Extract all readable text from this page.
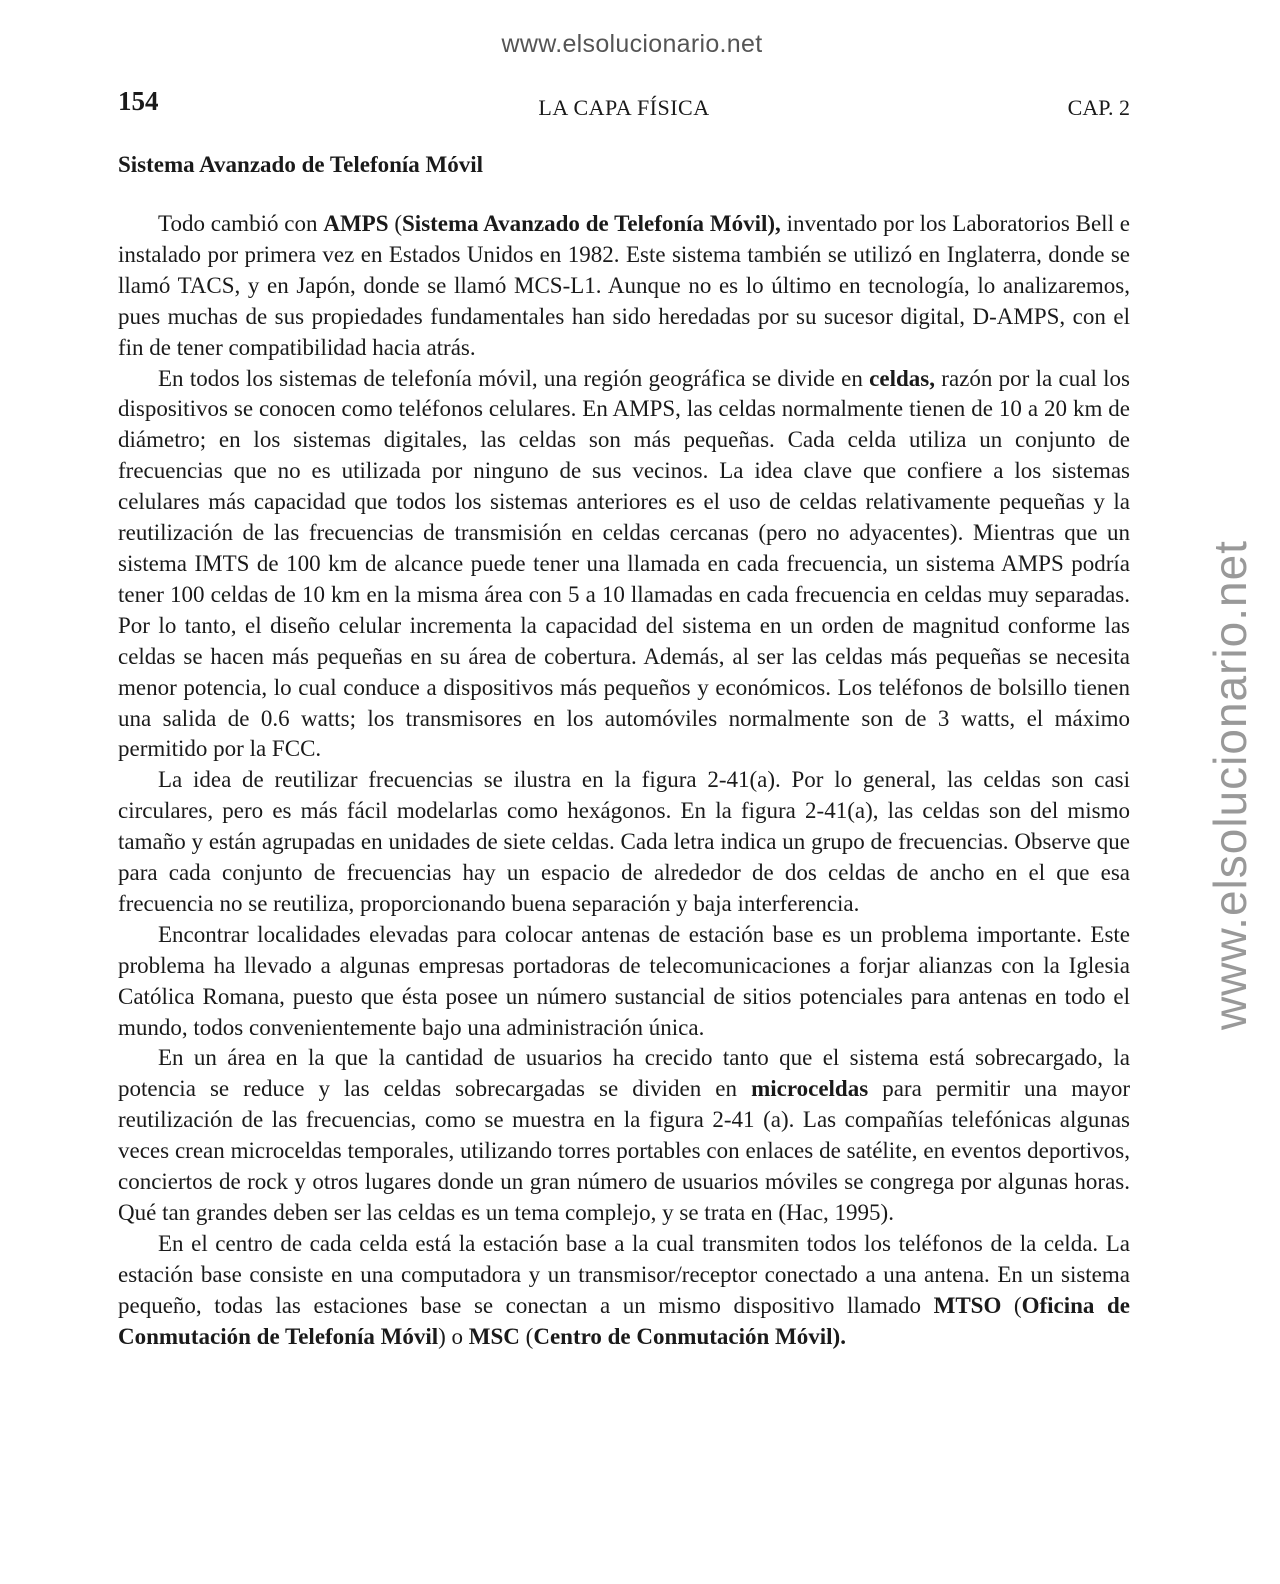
www.elsolucionario.net
www.elsolucionario.net
154	LA CAPA FÍSICA	CAP. 2
Sistema Avanzado de Telefonía Móvil

Todo cambió con AMPS (Sistema Avanzado de Telefonía Móvil), inventado por los Laboratorios Bell e instalado por primera vez en Estados Unidos en 1982. Este sistema también se utilizó en Inglaterra, donde se llamó TACS, y en Japón, donde se llamó MCS-L1. Aunque no es lo último en tecnología, lo analizaremos, pues muchas de sus propiedades fundamentales han sido heredadas por su sucesor digital, D-AMPS, con el fin de tener compatibilidad hacia atrás.

En todos los sistemas de telefonía móvil, una región geográfica se divide en celdas, razón por la cual los dispositivos se conocen como teléfonos celulares. En AMPS, las celdas normalmente tienen de 10 a 20 km de diámetro; en los sistemas digitales, las celdas son más pequeñas. Cada celda utiliza un conjunto de frecuencias que no es utilizada por ninguno de sus vecinos. La idea clave que confiere a los sistemas celulares más capacidad que todos los sistemas anteriores es el uso de celdas relativamente pequeñas y la reutilización de las frecuencias de transmisión en celdas cercanas (pero no adyacentes). Mientras que un sistema IMTS de 100 km de alcance puede tener una llamada en cada frecuencia, un sistema AMPS podría tener 100 celdas de 10 km en la misma área con 5 a 10 llamadas en cada frecuencia en celdas muy separadas. Por lo tanto, el diseño celular incrementa la capacidad del sistema en un orden de magnitud conforme las celdas se hacen más pequeñas en su área de cobertura. Además, al ser las celdas más pequeñas se necesita menor potencia, lo cual conduce a dispositivos más pequeños y económicos. Los teléfonos de bolsillo tienen una salida de 0.6 watts; los transmisores en los automóviles normalmente son de 3 watts, el máximo permitido por la FCC.

La idea de reutilizar frecuencias se ilustra en la figura 2-41(a). Por lo general, las celdas son casi circulares, pero es más fácil modelarlas como hexágonos. En la figura 2-41(a), las celdas son del mismo tamaño y están agrupadas en unidades de siete celdas. Cada letra indica un grupo de frecuencias. Observe que para cada conjunto de frecuencias hay un espacio de alrededor de dos celdas de ancho en el que esa frecuencia no se reutiliza, proporcionando buena separación y baja interferencia.

Encontrar localidades elevadas para colocar antenas de estación base es un problema importante. Este problema ha llevado a algunas empresas portadoras de telecomunicaciones a forjar alianzas con la Iglesia Católica Romana, puesto que ésta posee un número sustancial de sitios potenciales para antenas en todo el mundo, todos convenientemente bajo una administración única.

En un área en la que la cantidad de usuarios ha crecido tanto que el sistema está sobrecargado, la potencia se reduce y las celdas sobrecargadas se dividen en microceldas para permitir una mayor reutilización de las frecuencias, como se muestra en la figura 2-41 (a). Las compañías telefónicas algunas veces crean microceldas temporales, utilizando torres portables con enlaces de satélite, en eventos deportivos, conciertos de rock y otros lugares donde un gran número de usuarios móviles se congrega por algunas horas. Qué tan grandes deben ser las celdas es un tema complejo, y se trata en (Hac, 1995).

En el centro de cada celda está la estación base a la cual transmiten todos los teléfonos de la celda. La estación base consiste en una computadora y un transmisor/receptor conectado a una antena. En un sistema pequeño, todas las estaciones base se conectan a un mismo dispositivo llamado MTSO (Oficina de Conmutación de Telefonía Móvil) o MSC (Centro de Conmutación Móvil).
